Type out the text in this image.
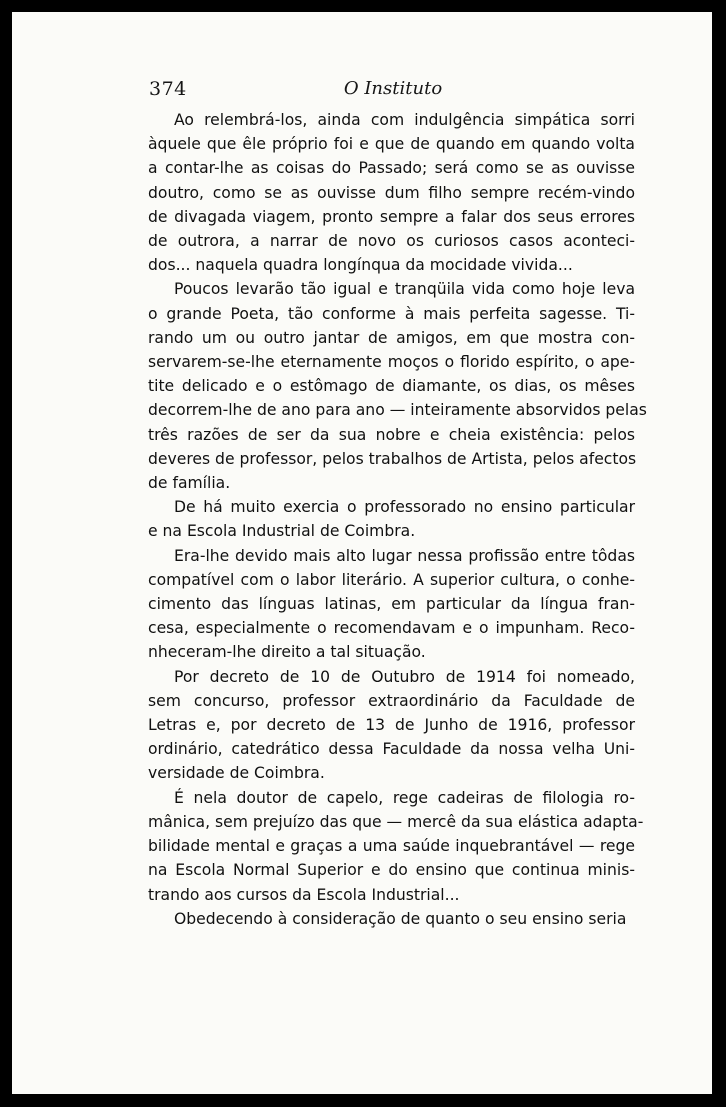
374	O Instituto

Ao relembrá-los, ainda com indulgência simpática sorri
àquele que êle próprio foi e que de quando em quando volta
a contar-lhe as coisas do Passado; será como se as ouvisse
doutro, como se as ouvisse dum filho sempre recém-vindo
de divagada viagem, pronto sempre a falar dos seus errores
de outrora, a narrar de novo os curiosos casos aconteci-
dos... naquela quadra longínqua da mocidade vivida...

Poucos levarão tão igual e tranqüila vida como hoje leva
o grande Poeta, tão conforme à mais perfeita sagesse. Ti-
rando um ou outro jantar de amigos, em que mostra con-
servarem-se-lhe eternamente moços o florido espírito, o ape-
tite delicado e o estômago de diamante, os dias, os mêses
decorrem-lhe de ano para ano — inteiramente absorvidos pelas
três razões de ser da sua nobre e cheia existência: pelos
deveres de professor, pelos trabalhos de Artista, pelos afectos
de família.

De há muito exercia o professorado no ensino particular
e na Escola Industrial de Coimbra.

Era-lhe devido mais alto lugar nessa profissão entre tôdas
compatível com o labor literário. A superior cultura, o conhe-
cimento das línguas latinas, em particular da língua fran-
cesa, especialmente o recomendavam e o impunham. Reco-
nheceram-lhe direito a tal situação.

Por decreto de 10 de Outubro de 1914 foi nomeado,
sem concurso, professor extraordinário da Faculdade de
Letras e, por decreto de 13 de Junho de 1916, professor
ordinário, catedrático dessa Faculdade da nossa velha Uni-
versidade de Coimbra.

É nela doutor de capelo, rege cadeiras de filologia ro-
mânica, sem prejuízo das que — mercê da sua elástica adapta-
bilidade mental e graças a uma saúde inquebrantável — rege
na Escola Normal Superior e do ensino que continua minis-
trando aos cursos da Escola Industrial...

Obedecendo à consideração de quanto o seu ensino seria
